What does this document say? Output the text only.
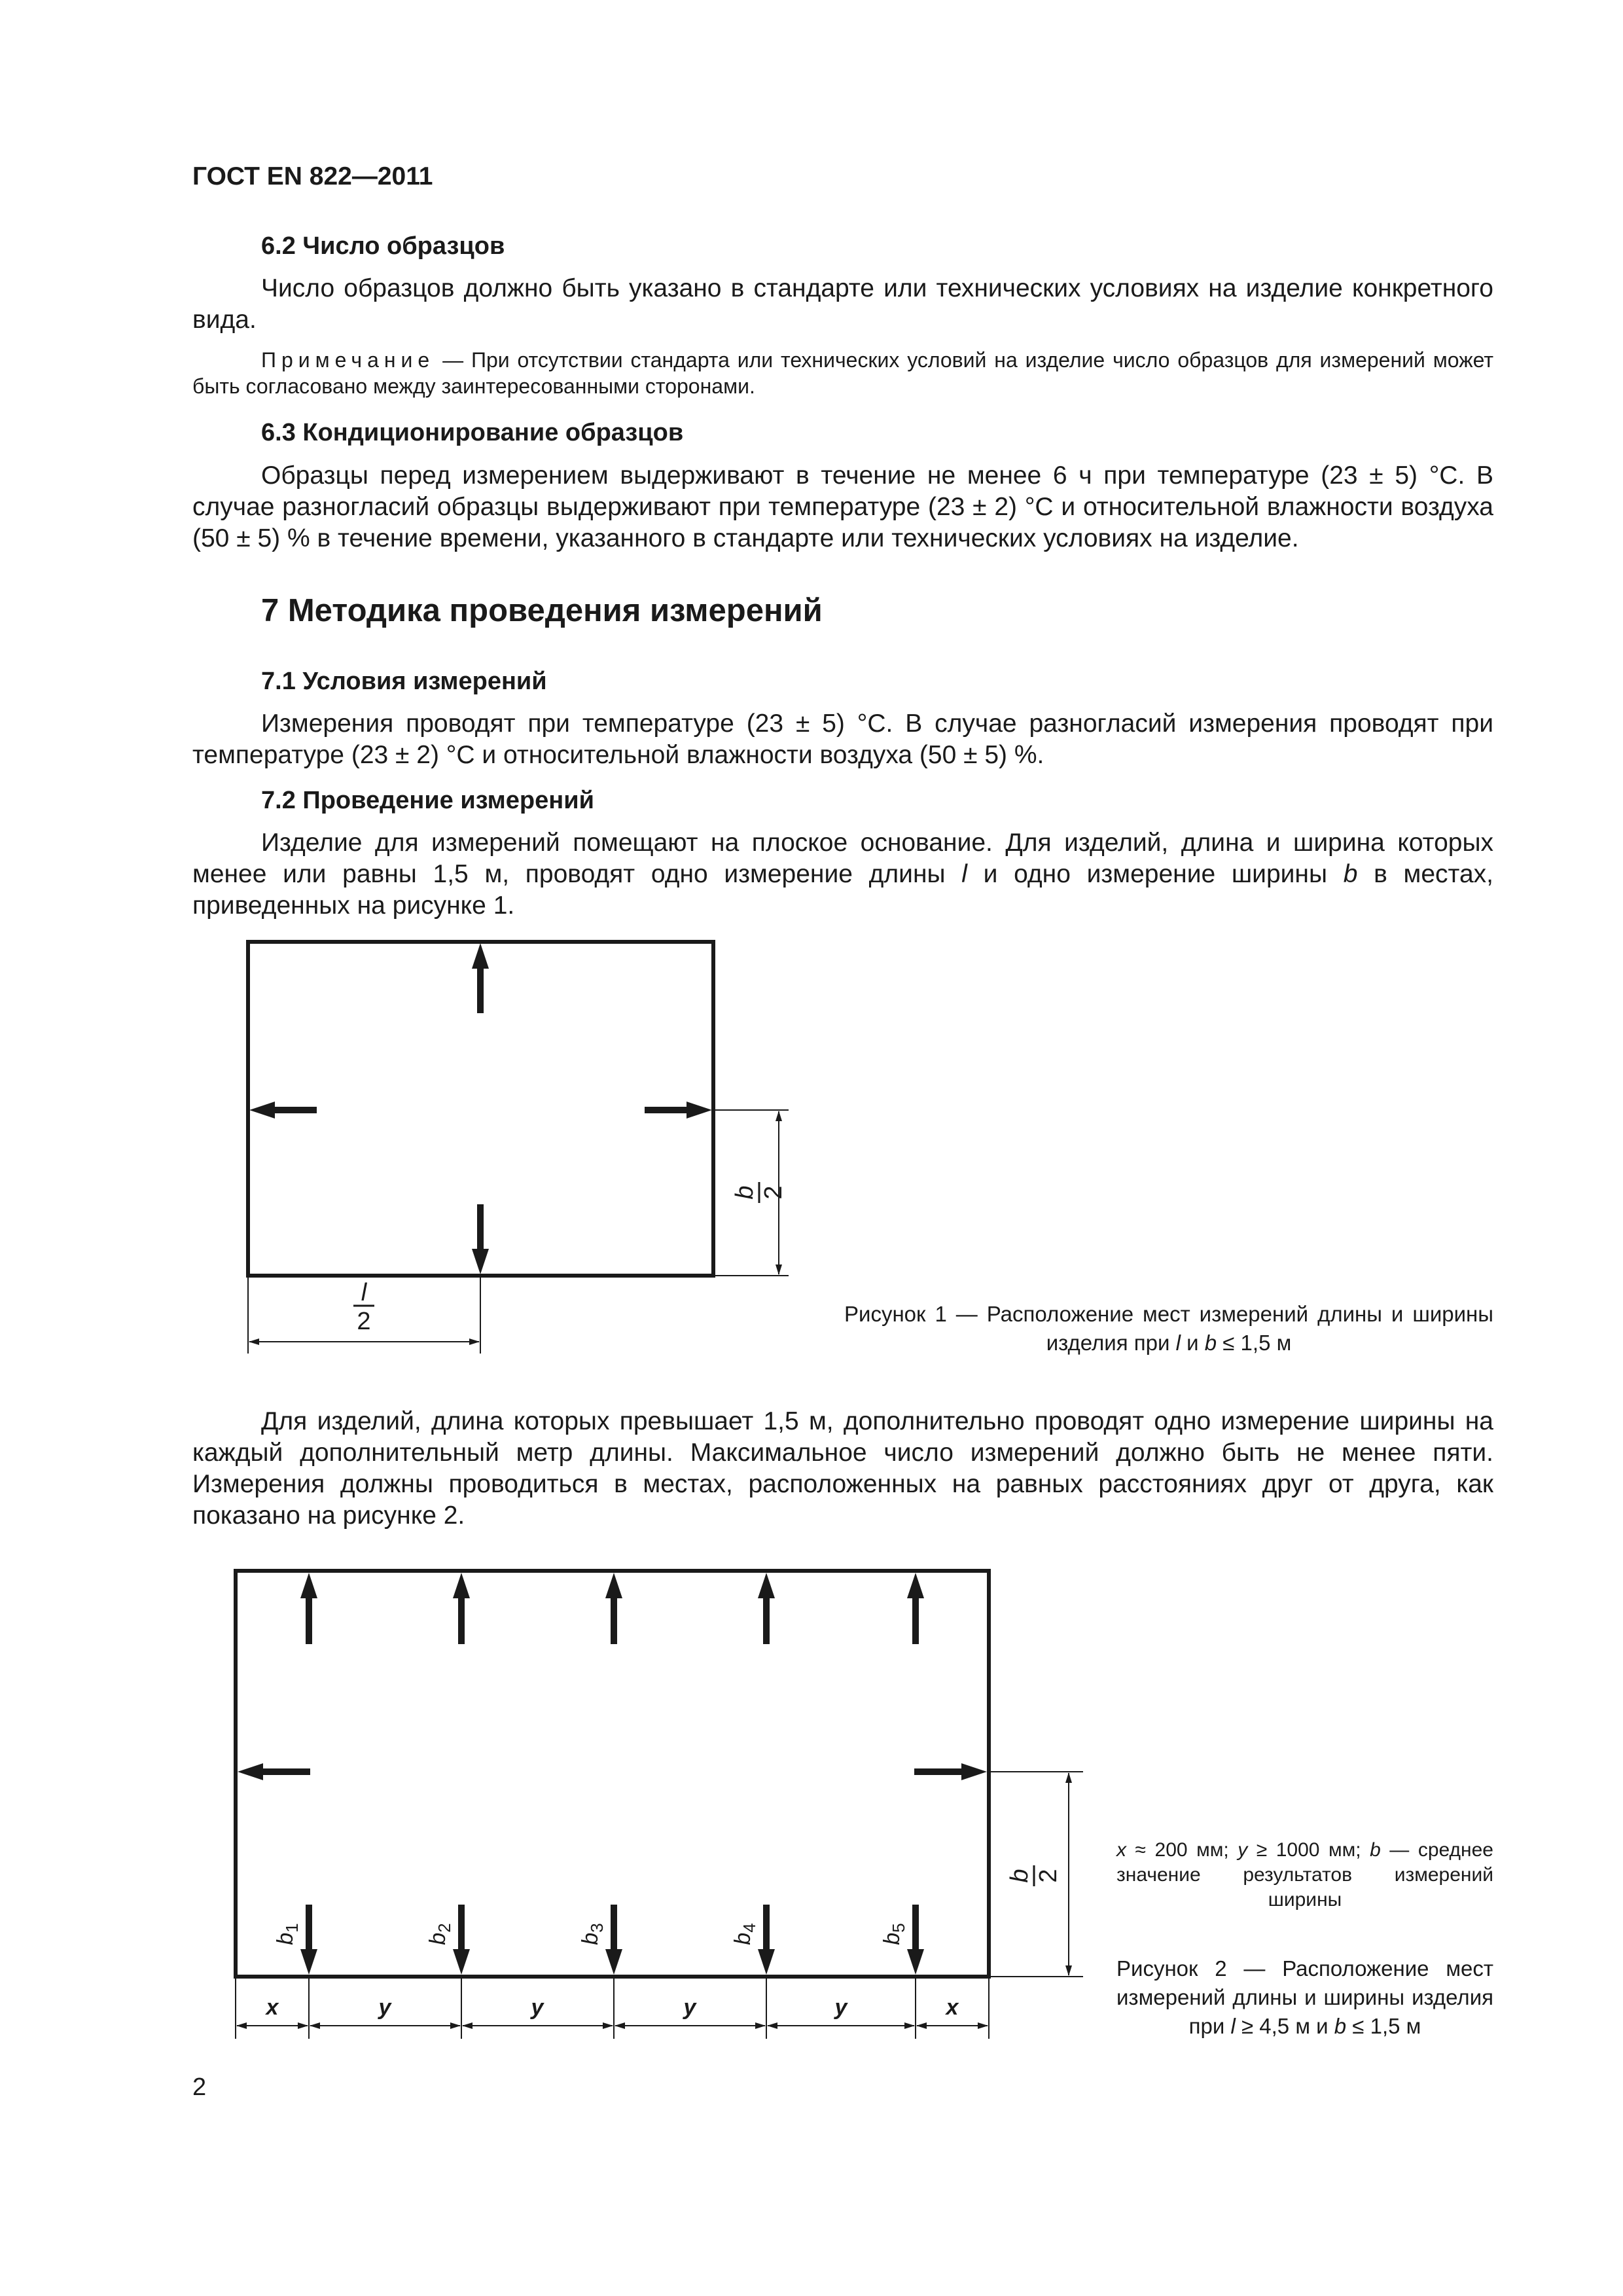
ГОСТ EN 822—2011
6.2 Число образцов

Число образцов должно быть указано в стандарте или технических условиях на изделие конкретного вида.

Примечание — При отсутствии стандарта или технических условий на изделие число образцов для измерений может быть согласовано между заинтересованными сторонами.

6.3 Кондиционирование образцов

Образцы перед измерением выдерживают в течение не менее 6 ч при температуре (23 ± 5) °С. В случае разногласий образцы выдерживают при температуре (23 ± 2) °С и относительной влажности воздуха (50 ± 5) % в течение времени, указанного в стандарте или технических условиях на изделие.

7 Методика проведения измерений
7.1 Условия измерений

Измерения проводят при температуре (23 ± 5) °С. В случае разногласий измерения проводят при температуре (23 ± 2) °С и относительной влажности воздуха (50 ± 5) %.

7.2 Проведение измерений

Изделие для измерений помещают на плоское основание. Для изделий, длина и ширина которых менее или равны 1,5 м, проводят одно измерение длины l и одно измерение ширины b в местах, приведенных на рисунке 1.

l
2
b 2
$b_1$
$b_2$
$b_3$
$b_4$
$b_5$
b 2
x	y	y	y	y	x

Рисунок 1 — Расположение мест измерений длины и ширины изделия при l и b ≤ 1,5 м

Для изделий, длина которых превышает 1,5 м, дополнительно проводят одно измерение ширины на каждый дополнительный метр длины. Максимальное число измерений должно быть не менее пяти. Измерения должны проводиться в местах, расположенных на равных расстояниях друг от друга, как показано на рисунке 2.

x ≈ 200 мм; y ≥ 1000 мм; b — среднее значение результатов измерений ширины

Рисунок 2 — Расположение мест измерений длины и ширины изделия при l ≥ 4,5 м и b ≤ 1,5 м

2
